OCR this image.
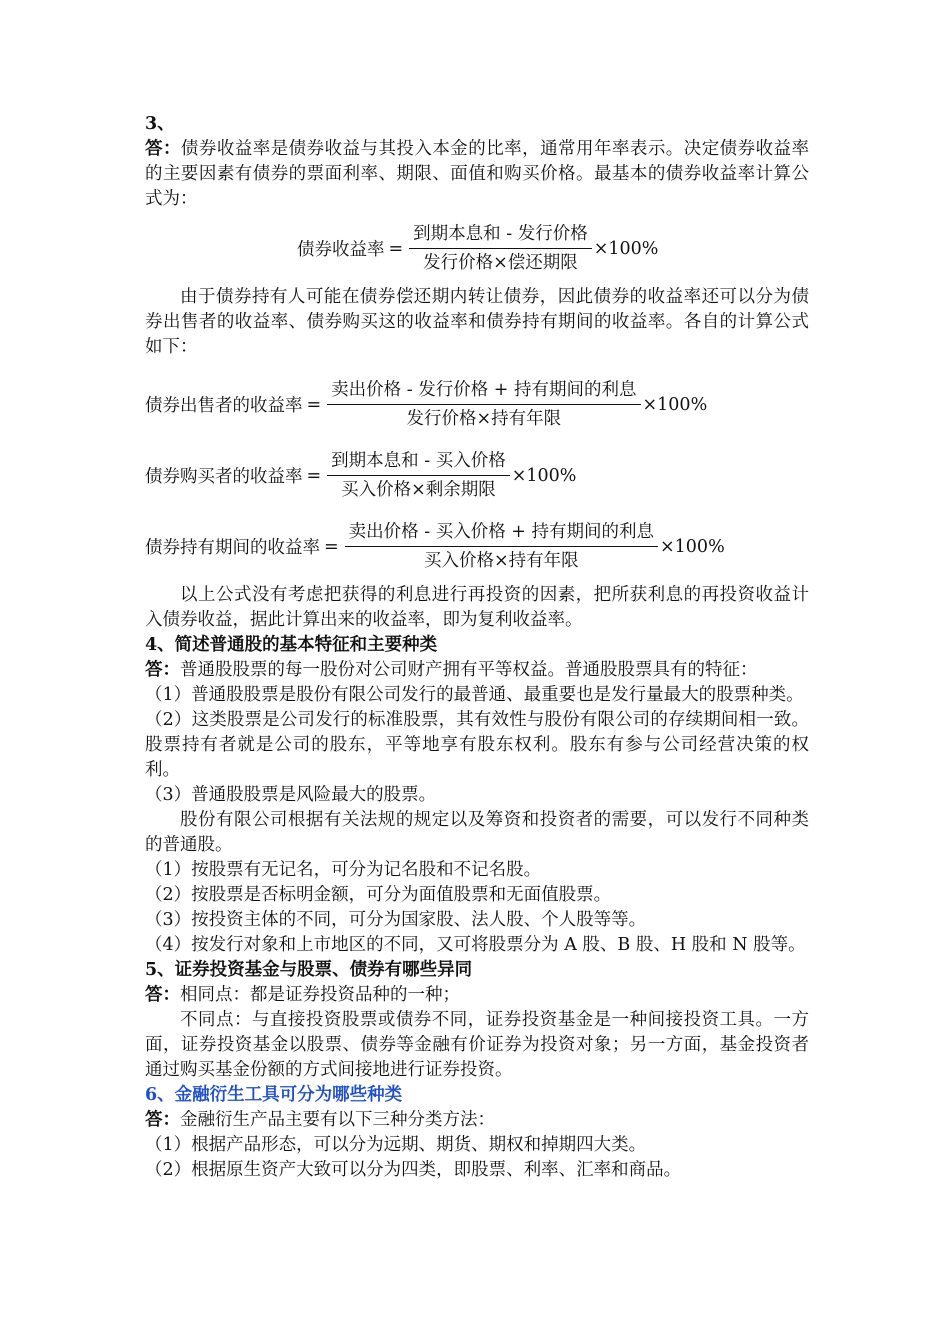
3、
答：债券收益率是债券收益与其投入本金的比率，通常用年率表示。决定债券收益率的主要因素有债券的票面利率、期限、面值和购买价格。最基本的债券收益率计算公式为：
债券收益率 = $\frac{\text{到期本息和 - 发行价格}}{\text{发行价格×偿还期限}} \times 100\%$
由于债券持有人可能在债券偿还期内转让债券，因此债券的收益率还可以分为债券出售者的收益率、债券购买这的收益率和债券持有期间的收益率。各自的计算公式如下：
债券出售者的收益率 = $\frac{\text{卖出价格 - 发行价格 + 持有期间的利息}}{\text{发行价格×持有年限}} \times 100\%$
债券购买者的收益率 = $\frac{\text{到期本息和 - 买入价格}}{\text{买入价格×剩余期限}} \times 100\%$
债券持有期间的收益率 = $\frac{\text{卖出价格 - 买入价格 + 持有期间的利息}}{\text{买入价格×持有年限}} \times 100\%$
以上公式没有考虑把获得的利息进行再投资的因素，把所获利息的再投资收益计入债券收益，据此计算出来的收益率，即为复利收益率。
4、简述普通股的基本特征和主要种类
答：普通股股票的每一股份对公司财产拥有平等权益。普通股股票具有的特征：
（1）普通股股票是股份有限公司发行的最普通、最重要也是发行量最大的股票种类。
（2）这类股票是公司发行的标准股票，其有效性与股份有限公司的存续期间相一致。股票持有者就是公司的股东，平等地享有股东权利。股东有参与公司经营决策的权利。
（3）普通股股票是风险最大的股票。
股份有限公司根据有关法规的规定以及筹资和投资者的需要，可以发行不同种类的普通股。
（1）按股票有无记名，可分为记名股和不记名股。
（2）按股票是否标明金额，可分为面值股票和无面值股票。
（3）按投资主体的不同，可分为国家股、法人股、个人股等等。
（4）按发行对象和上市地区的不同，又可将股票分为 A 股、B 股、H 股和 N 股等。
5、证券投资基金与股票、债券有哪些异同
答：相同点：都是证券投资品种的一种；
不同点：与直接投资股票或债券不同，证券投资基金是一种间接投资工具。一方面，证券投资基金以股票、债券等金融有价证券为投资对象；另一方面，基金投资者通过购买基金份额的方式间接地进行证券投资。
6、金融衍生工具可分为哪些种类
答：金融衍生产品主要有以下三种分类方法：
（1）根据产品形态，可以分为远期、期货、期权和掉期四大类。
（2）根据原生资产大致可以分为四类，即股票、利率、汇率和商品。
